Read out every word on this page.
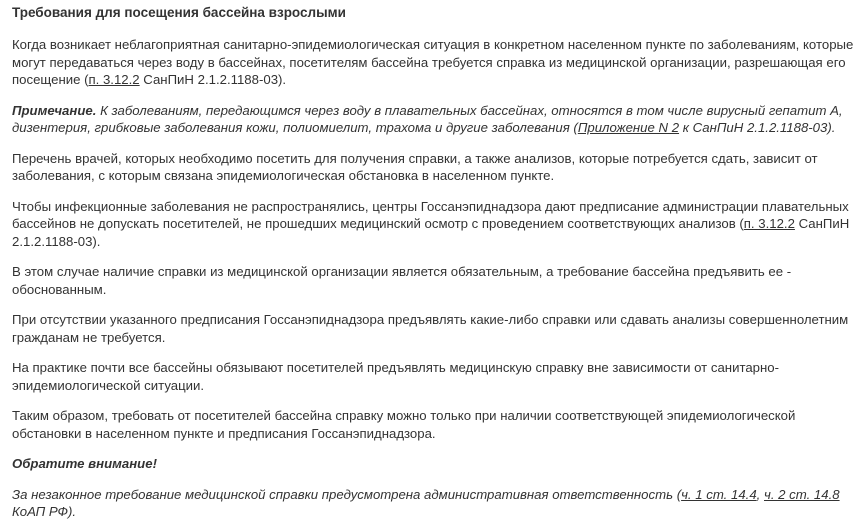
Требования для посещения бассейна взрослыми

Когда возникает неблагоприятная санитарно-эпидемиологическая ситуация в конкретном населенном пункте по заболеваниям, которые могут передаваться через воду в бассейнах, посетителям бассейна требуется справка из медицинской организации, разрешающая его посещение (п. 3.12.2 СанПиН 2.1.2.1188-03).

Примечание. К заболеваниям, передающимся через воду в плавательных бассейнах, относятся в том числе вирусный гепатит А, дизентерия, грибковые заболевания кожи, полиомиелит, трахома и другие заболевания (Приложение N 2 к СанПиН 2.1.2.1188-03).

Перечень врачей, которых необходимо посетить для получения справки, а также анализов, которые потребуется сдать, зависит от заболевания, с которым связана эпидемиологическая обстановка в населенном пункте.

Чтобы инфекционные заболевания не распространялись, центры Госсанэпиднадзора дают предписание администрации плавательных бассейнов не допускать посетителей, не прошедших медицинский осмотр с проведением соответствующих анализов (п. 3.12.2 СанПиН 2.1.2.1188-03).

В этом случае наличие справки из медицинской организации является обязательным, а требование бассейна предъявить ее - обоснованным.

При отсутствии указанного предписания Госсанэпиднадзора предъявлять какие-либо справки или сдавать анализы совершеннолетним гражданам не требуется.

На практике почти все бассейны обязывают посетителей предъявлять медицинскую справку вне зависимости от санитарно-эпидемиологической ситуации.

Таким образом, требовать от посетителей бассейна справку можно только при наличии соответствующей эпидемиологической обстановки в населенном пункте и предписания Госсанэпиднадзора.

Обратите внимание!

За незаконное требование медицинской справки предусмотрена административная ответственность (ч. 1 ст. 14.4, ч. 2 ст. 14.8 КоАП РФ).
